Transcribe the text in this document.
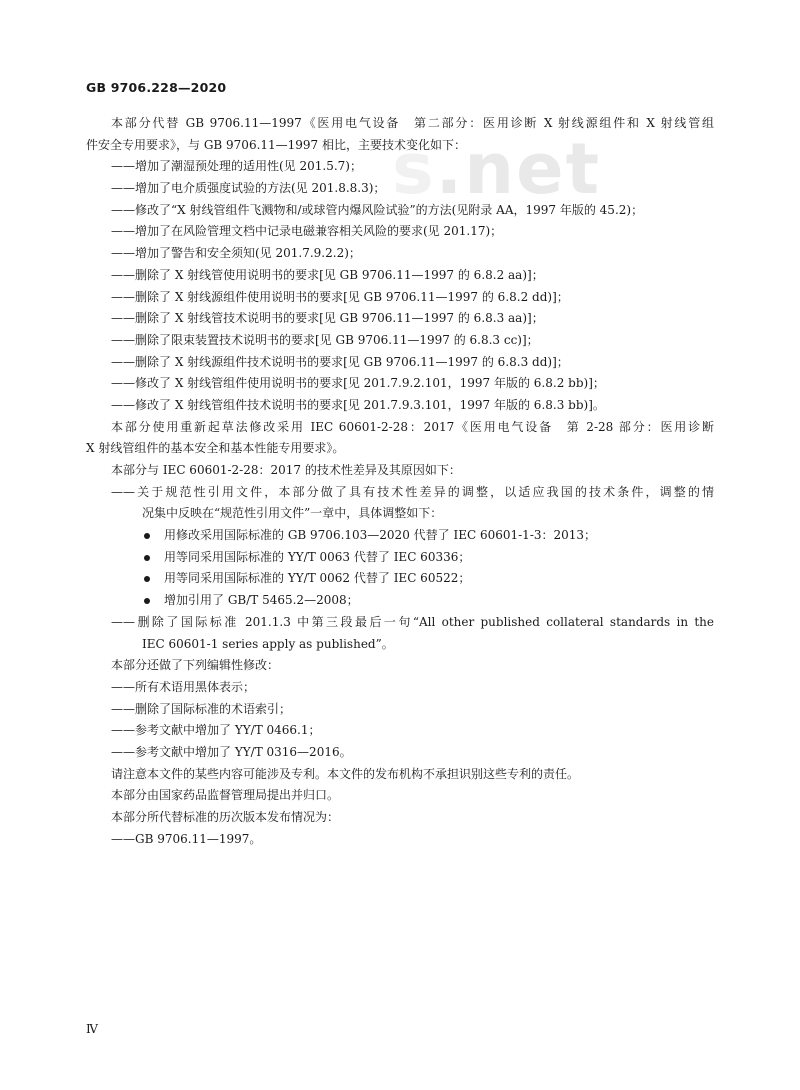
GB 9706.228—2020
s.net
本部分代替 GB 9706.11—1997《医用电气设备　第二部分：医用诊断 X 射线源组件和 X 射线管组
件安全专用要求》，与 GB 9706.11—1997 相比，主要技术变化如下：
——增加了潮湿预处理的适用性(见 201.5.7)；
——增加了电介质强度试验的方法(见 201.8.8.3)；
——修改了“X 射线管组件飞溅物和/或球管内爆风险试验”的方法(见附录 AA，1997 年版的 45.2)；
——增加了在风险管理文档中记录电磁兼容相关风险的要求(见 201.17)；
——增加了警告和安全须知(见 201.7.9.2.2)；
——删除了 X 射线管使用说明书的要求[见 GB 9706.11—1997 的 6.8.2 aa)]；
——删除了 X 射线源组件使用说明书的要求[见 GB 9706.11—1997 的 6.8.2 dd)]；
——删除了 X 射线管技术说明书的要求[见 GB 9706.11—1997 的 6.8.3 aa)]；
——删除了限束装置技术说明书的要求[见 GB 9706.11—1997 的 6.8.3 cc)]；
——删除了 X 射线源组件技术说明书的要求[见 GB 9706.11—1997 的 6.8.3 dd)]；
——修改了 X 射线管组件使用说明书的要求[见 201.7.9.2.101，1997 年版的 6.8.2 bb)]；
——修改了 X 射线管组件技术说明书的要求[见 201.7.9.3.101，1997 年版的 6.8.3 bb)]。
本部分使用重新起草法修改采用 IEC 60601-2-28：2017《医用电气设备　第 2-28 部分：医用诊断
X 射线管组件的基本安全和基本性能专用要求》。
本部分与 IEC 60601-2-28：2017 的技术性差异及其原因如下：
——关于规范性引用文件，本部分做了具有技术性差异的调整，以适应我国的技术条件，调整的情
况集中反映在“规范性引用文件”一章中，具体调整如下：
用修改采用国际标准的 GB 9706.103—2020 代替了 IEC 60601-1-3：2013；
用等同采用国际标准的 YY/T 0063 代替了 IEC 60336；
用等同采用国际标准的 YY/T 0062 代替了 IEC 60522；
增加引用了 GB/T 5465.2—2008；
——删除了国际标准 201.1.3 中第三段最后一句“All other published collateral standards in the
IEC 60601-1 series apply as published”。
本部分还做了下列编辑性修改：
——所有术语用黑体表示；
——删除了国际标准的术语索引；
——参考文献中增加了 YY/T 0466.1；
——参考文献中增加了 YY/T 0316—2016。
请注意本文件的某些内容可能涉及专利。本文件的发布机构不承担识别这些专利的责任。
本部分由国家药品监督管理局提出并归口。
本部分所代替标准的历次版本发布情况为：
——GB 9706.11—1997。
Ⅳ
